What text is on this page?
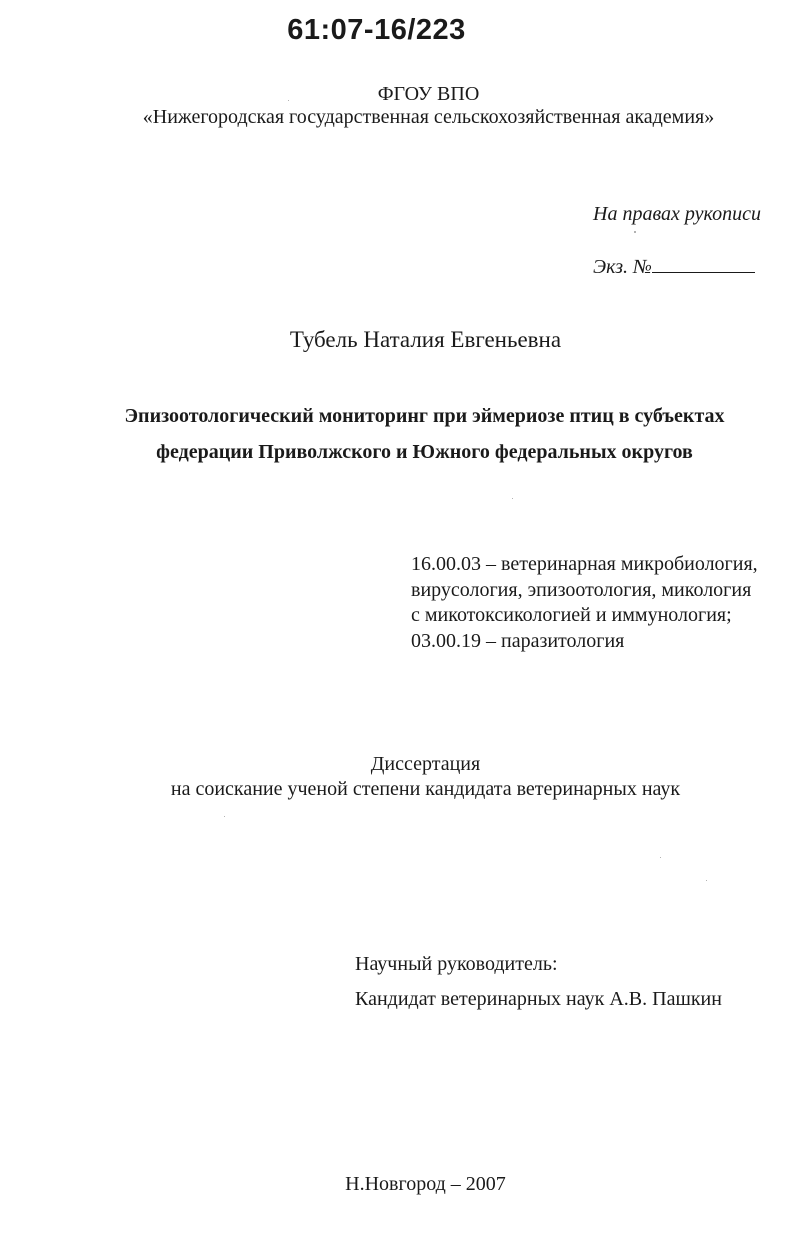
61:07-16/223
ФГОУ ВПО
«Нижегородская государственная сельскохозяйственная академия»
На правах рукописи
Экз. №
Тубель Наталия Евгеньевна
Эпизоотологический мониторинг при эймериозе птиц в субъектах
федерации Приволжского и Южного федеральных округов
16.00.03 – ветеринарная микробиология,
вирусология, эпизоотология, микология
с микотоксикологией и иммунология;
03.00.19 – паразитология
Диссертация
на соискание ученой степени кандидата ветеринарных наук
Научный руководитель:
Кандидат ветеринарных наук А.В. Пашкин
Н.Новгород – 2007
